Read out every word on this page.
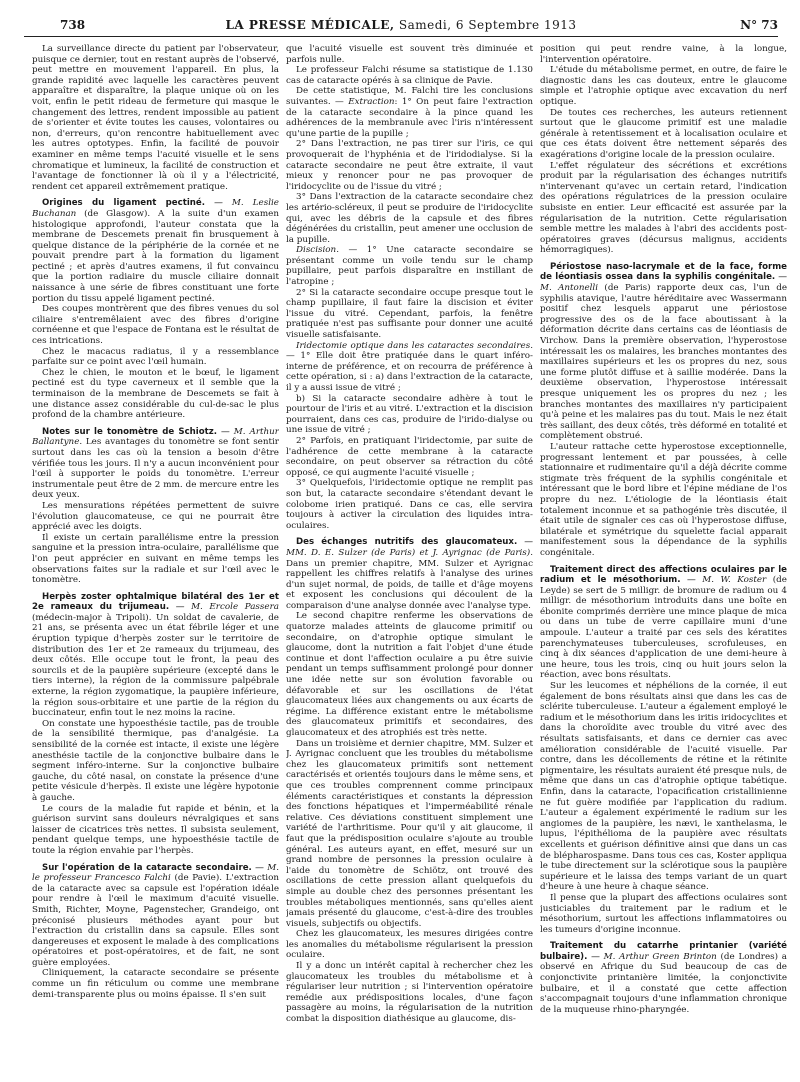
738	LA PRESSE MÉDICALE, Samedi, 6 Septembre 1913	N° 73

La surveillance directe du patient par l'observateur, puisque ce dernier, tout en restant auprès de l'observé, peut mettre en mouvement l'appareil. En plus, la grande rapidité avec laquelle les caractères peuvent apparaître et disparaître, la plaque unique où on les voit, enfin le petit rideau de fermeture qui masque le changement des lettres, rendent impossible au patient de s'orienter et évite toutes les causes, volontaires ou non, d'erreurs, qu'on rencontre habituellement avec les autres optotypes. Enfin, la facilité de pouvoir examiner en même temps l'acuité visuelle et le sens chromatique et lumineux, la facilité de construction et l'avantage de fonctionner là où il y a l'électricité, rendent cet appareil extrêmement pratique.

Origines du ligament pectiné. — M. Leslie Buchanan (de Glasgow). A la suite d'un examen histologique approfondi, l'auteur constata que la membrane de Descemets prenait fin brusquement à quelque distance de la périphérie de la cornée et ne pouvait prendre part à la formation du ligament pectiné ; et après d'autres examens, il fut convaincu que la portion radiaire du muscle ciliaire donnait naissance à une série de fibres constituant une forte portion du tissu appelé ligament pectiné.

Des coupes montrèrent que des fibres venues du sol ciliaire s'entremêlaient avec des fibres d'origine cornéenne et que l'espace de Fontana est le résultat de ces intrications.

Chez le macacus radiatus, il y a ressemblance parfaite sur ce point avec l'œil humain.

Chez le chien, le mouton et le bœuf, le ligament pectiné est du type caverneux et il semble que la terminaison de la membrane de Descemets se fait à une distance assez considérable du cul-de-sac le plus profond de la chambre antérieure.

Notes sur le tonomètre de Schiotz. — M. Arthur Ballantyne. Les avantages du tonomètre se font sentir surtout dans les cas où la tension a besoin d'être vérifiée tous les jours. Il n'y a aucun inconvénient pour l'œil à supporter le poids du tonomètre. L'erreur instrumentale peut être de 2 mm. de mercure entre les deux yeux.

Les mensurations répétées permettent de suivre l'évolution glaucomateuse, ce qui ne pourrait être apprécié avec les doigts.

Il existe un certain parallélisme entre la pression sanguine et la pression intra-oculaire, parallélisme que l'on peut apprécier en suivant en même temps les observations faites sur la radiale et sur l'œil avec le tonomètre.

Herpès zoster ophtalmique bilatéral des 1er et 2e rameaux du trijumeau. — M. Ercole Passera (médecin-major à Tripoli). Un soldat de cavalerie, de 21 ans, se présenta avec un état fébrile léger et une éruption typique d'herpès zoster sur le territoire de distribution des 1er et 2e rameaux du trijumeau, des deux côtés. Elle occupe tout le front, la peau des sourcils et de la paupière supérieure (excepté dans le tiers interne), la région de la commissure palpébrale externe, la région zygomatique, la paupière inférieure, la région sous-orbitaire et une partie de la région du buccinateur, enfin tout le nez moins la racine.

On constate une hypoesthésie tactile, pas de trouble de la sensibilité thermique, pas d'analgésie. La sensibilité de la cornée est intacte, il existe une légère anesthésie tactile de la conjonctive bulbaire dans le segment inféro-interne. Sur la conjonctive bulbaire gauche, du côté nasal, on constate la présence d'une petite vésicule d'herpès. Il existe une légère hypotonie à gauche.

Le cours de la maladie fut rapide et bénin, et la guérison survint sans douleurs névralgiques et sans laisser de cicatrices très nettes. Il subsista seulement, pendant quelque temps, une hypoesthésie tactile de toute la région envahie par l'herpès.

Sur l'opération de la cataracte secondaire. — M. le professeur Francesco Falchi (de Pavie). L'extraction de la cataracte avec sa capsule est l'opération idéale pour rendre à l'œil le maximum d'acuité visuelle. Smith, Richter, Moyne, Pagenstecher, Grandeigo, ont préconisé plusieurs méthodes ayant pour but l'extraction du cristallin dans sa capsule. Elles sont dangereuses et exposent le malade à des complications opératoires et post-opératoires, et de fait, ne sont guère employées.

Cliniquement, la cataracte secondaire se présente comme un fin réticulum ou comme une membrane demi-transparente plus ou moins épaisse. Il s'en suit

que l'acuité visuelle est souvent très diminuée et parfois nulle.

Le professeur Falchi résume sa statistique de 1.130 cas de cataracte opérés à sa clinique de Pavie.

De cette statistique, M. Falchi tire les conclusions suivantes. — Extraction: 1° On peut faire l'extraction de la cataracte secondaire à la pince quand les adhérences de la membranule avec l'iris n'intéressent qu'une partie de la pupille ;

2° Dans l'extraction, ne pas tirer sur l'iris, ce qui provoquerait de l'hyphénia et de l'iridodialyse. Si la cataracte secondaire ne peut être extraite, il vaut mieux y renoncer pour ne pas provoquer de l'iridocyclite ou de l'issue du vitré ;

3° Dans l'extraction de la cataracte secondaire chez les artério-scléreux, il peut se produire de l'iridocyclite qui, avec les débris de la capsule et des fibres dégénérées du cristallin, peut amener une occlusion de la pupille.

Discision. — 1° Une cataracte secondaire se présentant comme un voile tendu sur le champ pupillaire, peut parfois disparaître en instillant de l'atropine ;

2° Si la cataracte secondaire occupe presque tout le champ pupillaire, il faut faire la discision et éviter l'issue du vitré. Cependant, parfois, la fenêtre pratiquée n'est pas suffisante pour donner une acuité visuelle satisfaisante.

Iridectomie optique dans les cataractes secondaires. — 1° Elle doit être pratiquée dans le quart inféro-interne de préférence, et on recourra de préférence à cette opération, si : a) dans l'extraction de la cataracte, il y a aussi issue de vitré ;

b) Si la cataracte secondaire adhère à tout le pourtour de l'iris et au vitré. L'extraction et la discision pourraient, dans ces cas, produire de l'irido-dialyse ou une issue de vitré ;

2° Parfois, en pratiquant l'iridectomie, par suite de l'adhérence de cette membrane à la cataracte secondaire, on peut observer sa rétraction du côté opposé, ce qui augmente l'acuité visuelle ;

3° Quelquefois, l'iridectomie optique ne remplit pas son but, la cataracte secondaire s'étendant devant le colobome irien pratiqué. Dans ce cas, elle servira toujours à activer la circulation des liquides intra-oculaires.

Des échanges nutritifs des glaucomateux. — MM. D. E. Sulzer (de Paris) et J. Ayrignac (de Paris). Dans un premier chapitre, MM. Sulzer et Ayrignac rappellent les chiffres relatifs à l'analyse des urines d'un sujet normal, de poids, de taille et d'âge moyens et exposent les conclusions qui découlent de la comparaison d'une analyse donnée avec l'analyse type.

Le second chapitre renferme les observations de quatorze malades atteints de glaucome primitif ou secondaire, on d'atrophie optique simulant le glaucome, dont la nutrition a fait l'objet d'une étude continue et dont l'affection oculaire a pu être suivie pendant un temps suffisamment prolongé pour donner une idée nette sur son évolution favorable ou défavorable et sur les oscillations de l'état glaucomateux liées aux changements ou aux écarts de régime. La différence existant entre le métabolisme des glaucomateux primitifs et secondaires, des glaucomateux et des atrophiés est très nette.

Dans un troisième et dernier chapitre, MM. Sulzer et J. Ayrignac concluent que les troubles du métabolisme chez les glaucomateux primitifs sont nettement caractérisés et orientés toujours dans le même sens, et que ces troubles comprennent comme principaux éléments caractéristiques et constants la dépression des fonctions hépatiques et l'imperméabilité rénale relative. Ces déviations constituent simplement une variété de l'arthritisme. Pour qu'il y ait glaucome, il faut que la prédisposition oculaire s'ajoute au trouble général. Les auteurs ayant, en effet, mesuré sur un grand nombre de personnes la pression oculaire à l'aide du tonomètre de Schiötz, ont trouvé des oscillations de cette pression allant quelquefois du simple au double chez des personnes présentant les troubles métaboliques mentionnés, sans qu'elles aient jamais présenté du glaucome, c'est-à-dire des troubles visuels, subjectifs ou objectifs.

Chez les glaucomateux, les mesures dirigées contre les anomalies du métabolisme régularisent la pression oculaire.

Il y a donc un intérêt capital à rechercher chez les glaucomateux les troubles du métabolisme et à régulariser leur nutrition ; si l'intervention opératoire remédie aux prédispositions locales, d'une façon passagère au moins, la régularisation de la nutrition combat la disposition diathésique au glaucome, dis-

position qui peut rendre vaine, à la longue, l'intervention opératoire.

L'étude du métabolisme permet, en outre, de faire le diagnostic dans les cas douteux, entre le glaucome simple et l'atrophie optique avec excavation du nerf optique.

De toutes ces recherches, les auteurs retiennent surtout que le glaucome primitif est une maladie générale à retentissement et à localisation oculaire et que ces états doivent être nettement séparés des exagérations d'origine locale de la pression oculaire.

L'effet régulateur des sécrétions et excrétions produit par la régularisation des échanges nutritifs n'intervenant qu'avec un certain retard, l'indication des opérations régulatrices de la pression oculaire subsiste en entier. Leur efficacité est assurée par la régularisation de la nutrition. Cette régularisation semble mettre les malades à l'abri des accidents post-opératoires graves (décursus malignus, accidents hémorragiques).

Périostose naso-lacrymale et de la face, forme de léontiasis ossea dans la syphilis congénitale. — M. Antonelli (de Paris) rapporte deux cas, l'un de syphilis atavique, l'autre héréditaire avec Wassermann positif chez lesquels apparut une périostose progressive des os de la face aboutissant à la déformation décrite dans certains cas de léontiasis de Virchow. Dans la première observation, l'hyperostose intéressait les os malaires, les branches montantes des maxillaires supérieurs et les os propres du nez, sous une forme plutôt diffuse et à saillie modérée. Dans la deuxième observation, l'hyperostose intéressait presque uniquement les os propres du nez ; les branches montantes des maxillaires n'y participaient qu'à peine et les malaires pas du tout. Mais le nez était très saillant, des deux côtés, très déformé en totalité et complètement obstrué.

L'auteur rattache cette hyperostose exceptionnelle, progressant lentement et par poussées, à celle stationnaire et rudimentaire qu'il a déjà décrite comme stigmate très fréquent de la syphilis congénitale et intéressant que le bord libre et l'épine médiane de l'os propre du nez. L'étiologie de la léontiasis était totalement inconnue et sa pathogénie très discutée, il était utile de signaler ces cas où l'hyperostose diffuse, bilatérale et symétrique du squelette facial apparait manifestement sous la dépendance de la syphilis congénitale.

Traitement direct des affections oculaires par le radium et le mésothorium. — M. W. Koster (de Leyde) se sert de 5 milligr. de bromure de radium ou 4 milligr. de mésothorium introduits dans une boîte en ébonite comprimés derrière une mince plaque de mica ou dans un tube de verre capillaire muni d'une ampoule. L'auteur a traité par ces sels des kératites parenchymateuses tuberculeuses, scrofuleuses, en cinq à dix séances d'application de une demi-heure à une heure, tous les trois, cinq ou huit jours selon la réaction, avec bons résultats.

Sur les leucomes et néphélions de la cornée, il eut également de bons résultats ainsi que dans les cas de sclérite tuberculeuse. L'auteur a également employé le radium et le mésothorium dans les iritis iridocyclites et dans la choroïdite avec trouble du vitré avec des résultats satisfaisants, et dans ce dernier cas avec amélioration considérable de l'acuité visuelle. Par contre, dans les décollements de rétine et la rétinite pigmentaire, les résultats auraient été presque nuls, de même que dans un cas d'atrophie optique tabétique. Enfin, dans la cataracte, l'opacification cristallinienne ne fut guère modifiée par l'application du radium. L'auteur a également expérimenté le radium sur les angiomes de la paupière, les nævi, le xanthelasma, le lupus, l'épithélioma de la paupière avec résultats excellents et guérison définitive ainsi que dans un cas de blépharospasme. Dans tous ces cas, Koster appliqua le tube directement sur la sclérotique sous la paupière supérieure et le laissa des temps variant de un quart d'heure à une heure à chaque séance.

Il pense que la plupart des affections oculaires sont justiciables du traitement par le radium et le mésothorium, surtout les affections inflammatoires ou les tumeurs d'origine inconnue.

Traitement du catarrhe printanier (variété bulbaire). — M. Arthur Green Brinton (de Londres) a observé en Afrique du Sud beaucoup de cas de conjonctivite printanière limitée, la conjonctivite bulbaire, et il a constaté que cette affection s'accompagnait toujours d'une inflammation chronique de la muqueuse rhino-pharyngée.
